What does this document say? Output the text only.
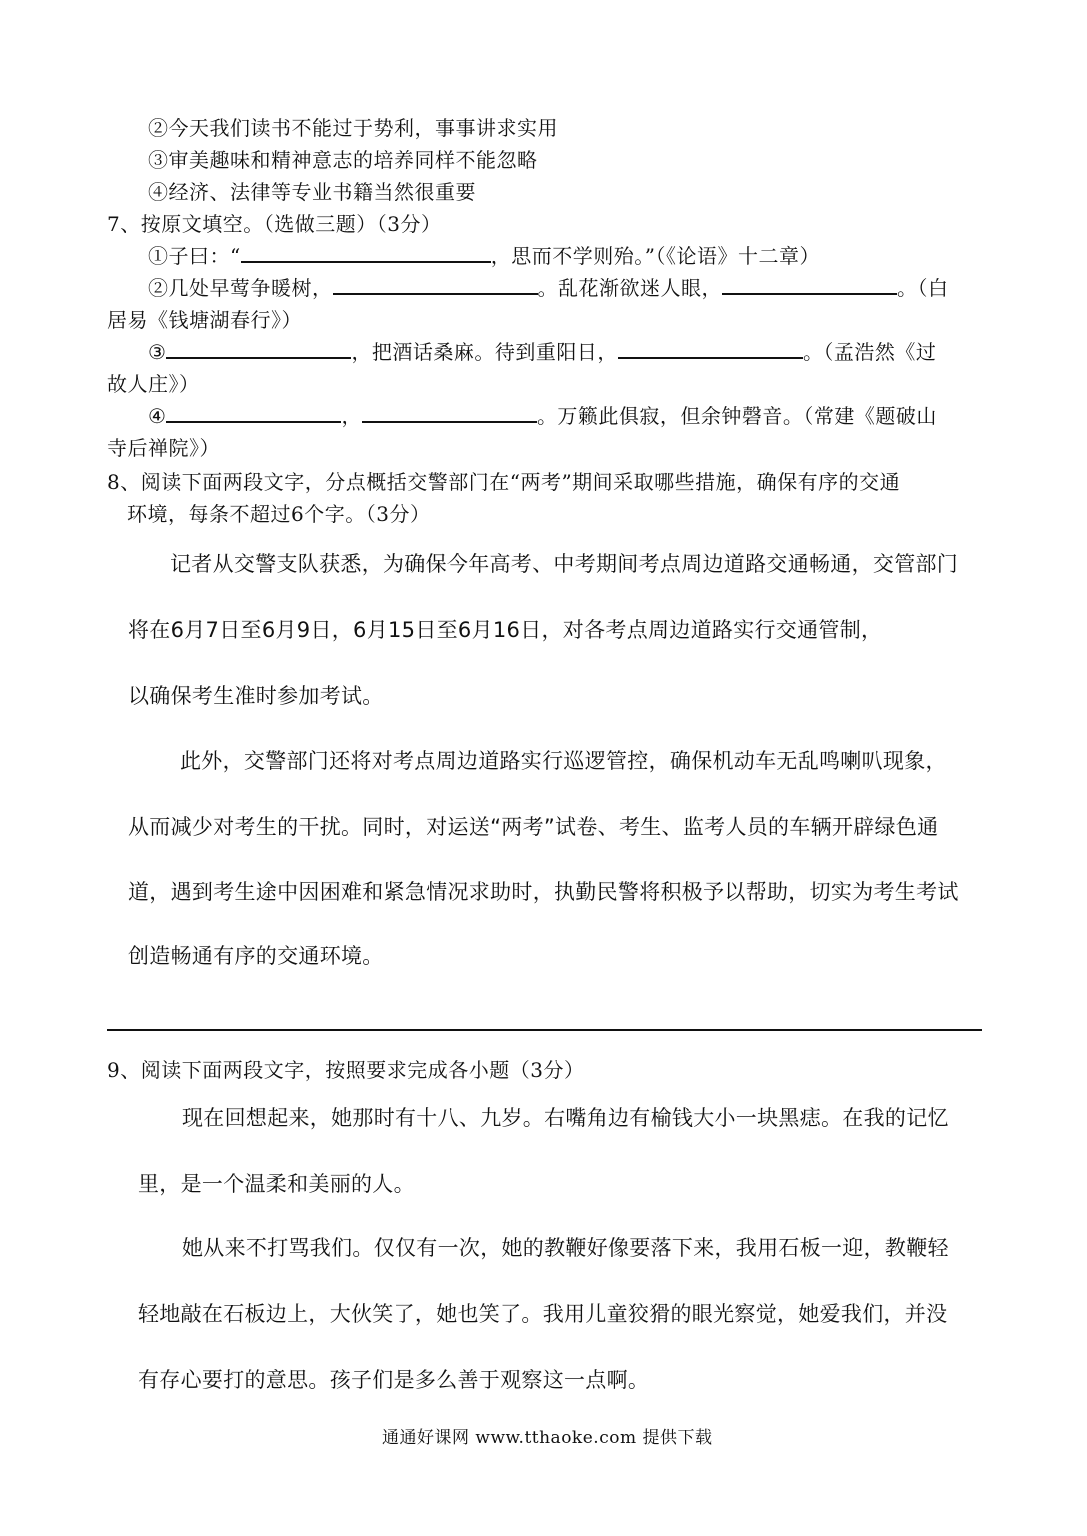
②今天我们读书不能过于势利，事事讲求实用
③审美趣味和精神意志的培养同样不能忽略
④经济、法律等专业书籍当然很重要
7、按原文填空。（选做三题）（3分）
①子曰：“	，思而不学则殆。”（《论语》十二章）
②几处早莺争暖树，	。乱花渐欲迷人眼，	。（白
居易《钱塘湖春行》）
③	，把酒话桑麻。待到重阳日，	。（孟浩然《过
故人庄》）
④	，	。万籁此俱寂，但余钟磬音。（常建《题破山
寺后禅院》）
8、阅读下面两段文字，分点概括交警部门在“两考”期间采取哪些措施，确保有序的交通
环境，每条不超过6个字。（3分）
记者从交警支队获悉，为确保今年高考、中考期间考点周边道路交通畅通，交管部门
将在6月7日至6月9日，6月15日至6月16日，对各考点周边道路实行交通管制，
以确保考生准时参加考试。
此外，交警部门还将对考点周边道路实行巡逻管控，确保机动车无乱鸣喇叭现象，
从而减少对考生的干扰。同时，对运送“两考”试卷、考生、监考人员的车辆开辟绿色通
道，遇到考生途中因困难和紧急情况求助时，执勤民警将积极予以帮助，切实为考生考试
创造畅通有序的交通环境。
9、阅读下面两段文字，按照要求完成各小题（3分）
现在回想起来，她那时有十八、九岁。右嘴角边有榆钱大小一块黑痣。在我的记忆
里，是一个温柔和美丽的人。
她从来不打骂我们。仅仅有一次，她的教鞭好像要落下来，我用石板一迎，教鞭轻
轻地敲在石板边上，大伙笑了，她也笑了。我用儿童狡猾的眼光察觉，她爱我们，并没
有存心要打的意思。孩子们是多么善于观察这一点啊。
通通好课网 www.tthaoke.com 提供下载
